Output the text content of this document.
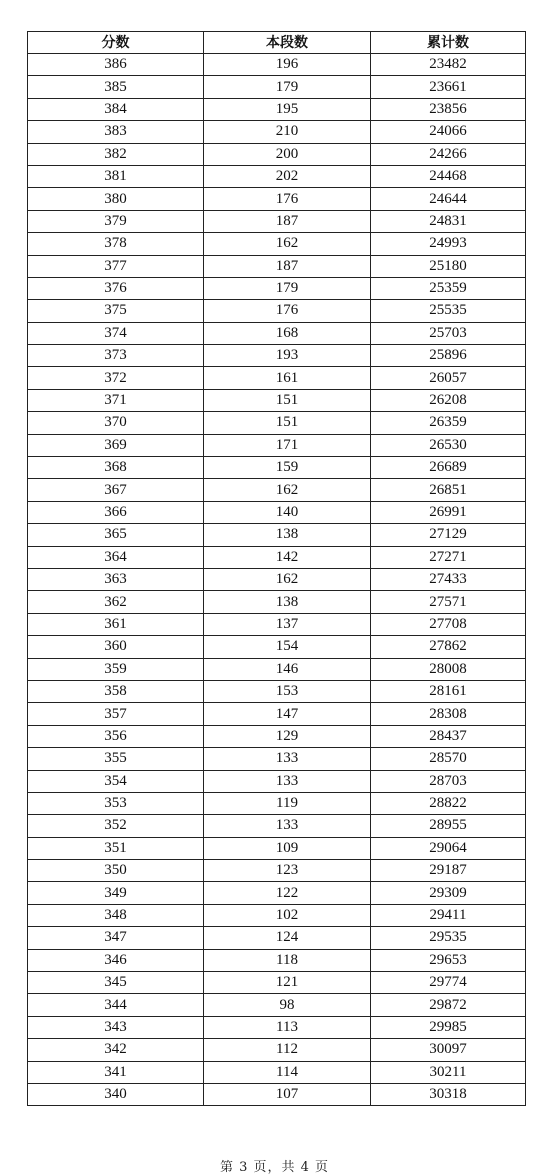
分数	本段数	累计数
386	196	23482
385	179	23661
384	195	23856
383	210	24066
382	200	24266
381	202	24468
380	176	24644
379	187	24831
378	162	24993
377	187	25180
376	179	25359
375	176	25535
374	168	25703
373	193	25896
372	161	26057
371	151	26208
370	151	26359
369	171	26530
368	159	26689
367	162	26851
366	140	26991
365	138	27129
364	142	27271
363	162	27433
362	138	27571
361	137	27708
360	154	27862
359	146	28008
358	153	28161
357	147	28308
356	129	28437
355	133	28570
354	133	28703
353	119	28822
352	133	28955
351	109	29064
350	123	29187
349	122	29309
348	102	29411
347	124	29535
346	118	29653
345	121	29774
344	98	29872
343	113	29985
342	112	30097
341	114	30211
340	107	30318
第 3 页，共 4 页
